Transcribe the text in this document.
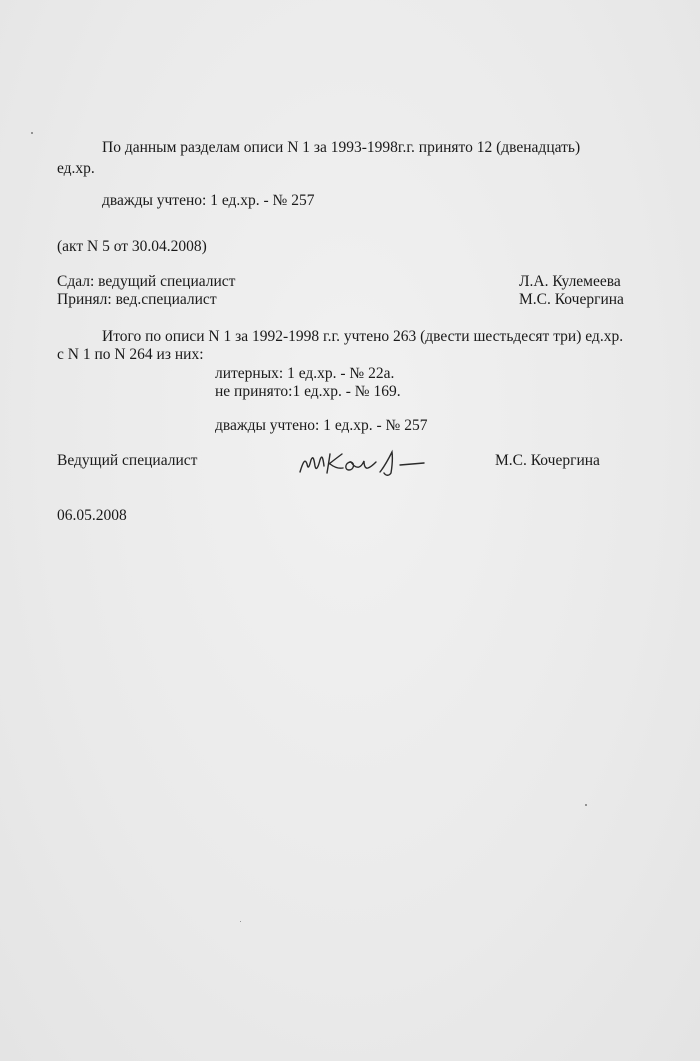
По данным разделам описи N 1 за 1993-1998г.г. принято 12 (двенадцать)
ед.хр.
дважды учтено: 1 ед.хр. - № 257
(акт N 5 от 30.04.2008)
Сдал: ведущий специалист	Л.А. Кулемеева
Принял: вед.специалист	М.С. Кочергина
Итого по описи N 1 за 1992-1998 г.г. учтено 263 (двести шестьдесят три) ед.хр.
с N 1 по N 264 из них:
литерных: 1 ед.хр. - № 22а.
не принято:1 ед.хр. - № 169.
дважды учтено: 1 ед.хр. - № 257
Ведущий специалист	М.С. Кочергина
06.05.2008
